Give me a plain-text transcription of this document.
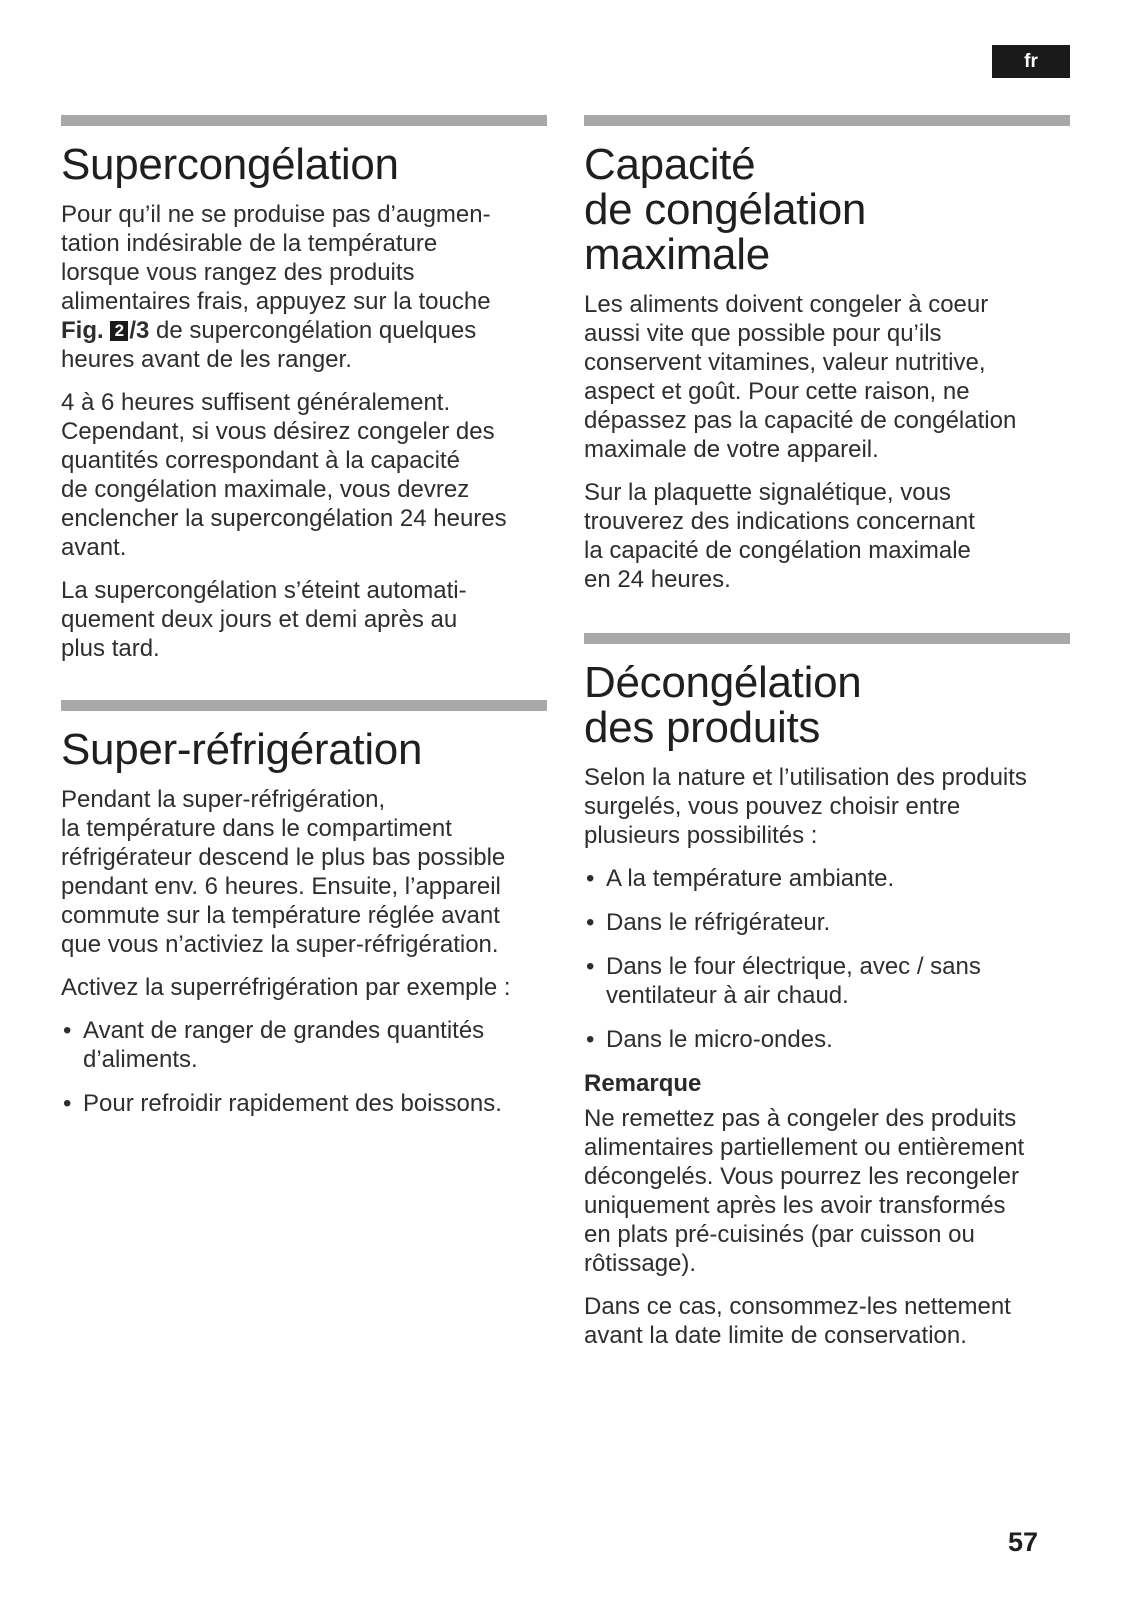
fr
Supercongélation

Pour qu’il ne se produise pas d’augmen-
tation indésirable de la température
lorsque vous rangez des produits
alimentaires frais, appuyez sur la touche
Fig. 2 /3 de supercongélation quelques
heures avant de les ranger.

4 à 6 heures suffisent généralement.
Cependant, si vous désirez congeler des
quantités correspondant à la capacité
de congélation maximale, vous devrez
enclencher la supercongélation 24 heures
avant.

La supercongélation s’éteint automati-
quement deux jours et demi après au
plus tard.

Super-réfrigération

Pendant la super-réfrigération,
la température dans le compartiment
réfrigérateur descend le plus bas possible
pendant env. 6 heures. Ensuite, l’appareil
commute sur la température réglée avant
que vous n’activiez la super-réfrigération.

Activez la superréfrigération par exemple :

• Avant de ranger de grandes quantités
d’aliments.
• Pour refroidir rapidement des boissons.
Capacité
de congélation
maximale

Les aliments doivent congeler à coeur
aussi vite que possible pour qu’ils
conservent vitamines, valeur nutritive,
aspect et goût. Pour cette raison, ne
dépassez pas la capacité de congélation
maximale de votre appareil.

Sur la plaquette signalétique, vous
trouverez des indications concernant
la capacité de congélation maximale
en 24 heures.

Décongélation
des produits

Selon la nature et l’utilisation des produits
surgelés, vous pouvez choisir entre
plusieurs possibilités :

• A la température ambiante.
• Dans le réfrigérateur.
• Dans le four électrique, avec / sans
ventilateur à air chaud.
• Dans le micro-ondes.
Remarque

Ne remettez pas à congeler des produits
alimentaires partiellement ou entièrement
décongelés. Vous pourrez les recongeler
uniquement après les avoir transformés
en plats pré-cuisinés (par cuisson ou
rôtissage).

Dans ce cas, consommez-les nettement
avant la date limite de conservation.

57
